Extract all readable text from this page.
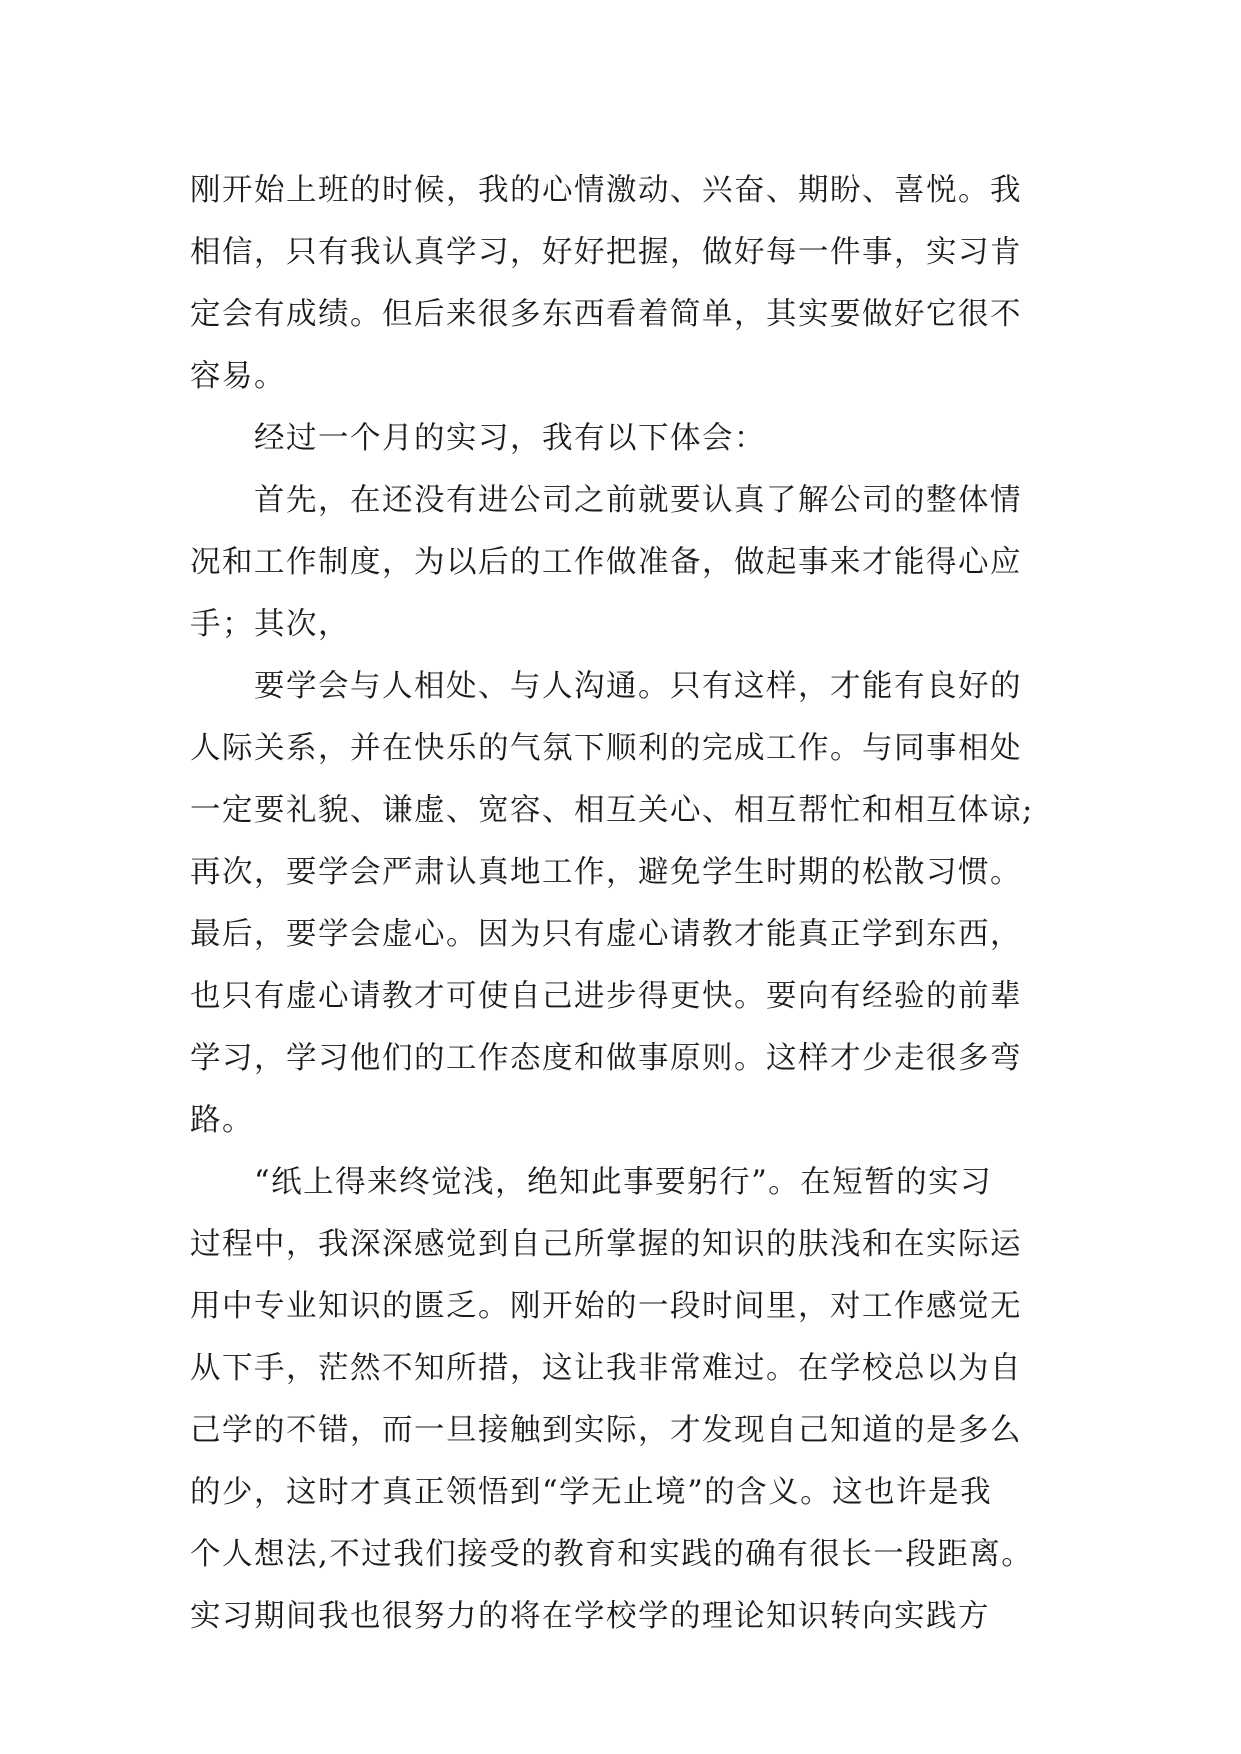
刚开始上班的时候，我的心情激动、兴奋、期盼、喜悦。我
相信，只有我认真学习，好好把握，做好每一件事，实习肯
定会有成绩。但后来很多东西看着简单，其实要做好它很不
容易。
经过一个月的实习，我有以下体会：
首先，在还没有进公司之前就要认真了解公司的整体情
况和工作制度，为以后的工作做准备，做起事来才能得心应
手；其次，
要学会与人相处、与人沟通。只有这样，才能有良好的
人际关系，并在快乐的气氛下顺利的完成工作。与同事相处
一定要礼貌、谦虚、宽容、相互关心、相互帮忙和相互体谅;
再次，要学会严肃认真地工作，避免学生时期的松散习惯。
最后，要学会虚心。因为只有虚心请教才能真正学到东西，
也只有虚心请教才可使自己进步得更快。要向有经验的前辈
学习，学习他们的工作态度和做事原则。这样才少走很多弯
路。
“纸上得来终觉浅，绝知此事要躬行”。在短暂的实习
过程中，我深深感觉到自己所掌握的知识的肤浅和在实际运
用中专业知识的匮乏。刚开始的一段时间里，对工作感觉无
从下手，茫然不知所措，这让我非常难过。在学校总以为自
己学的不错，而一旦接触到实际，才发现自己知道的是多么
的少，这时才真正领悟到“学无止境”的含义。这也许是我
个人想法,不过我们接受的教育和实践的确有很长一段距离。
实习期间我也很努力的将在学校学的理论知识转向实践方
